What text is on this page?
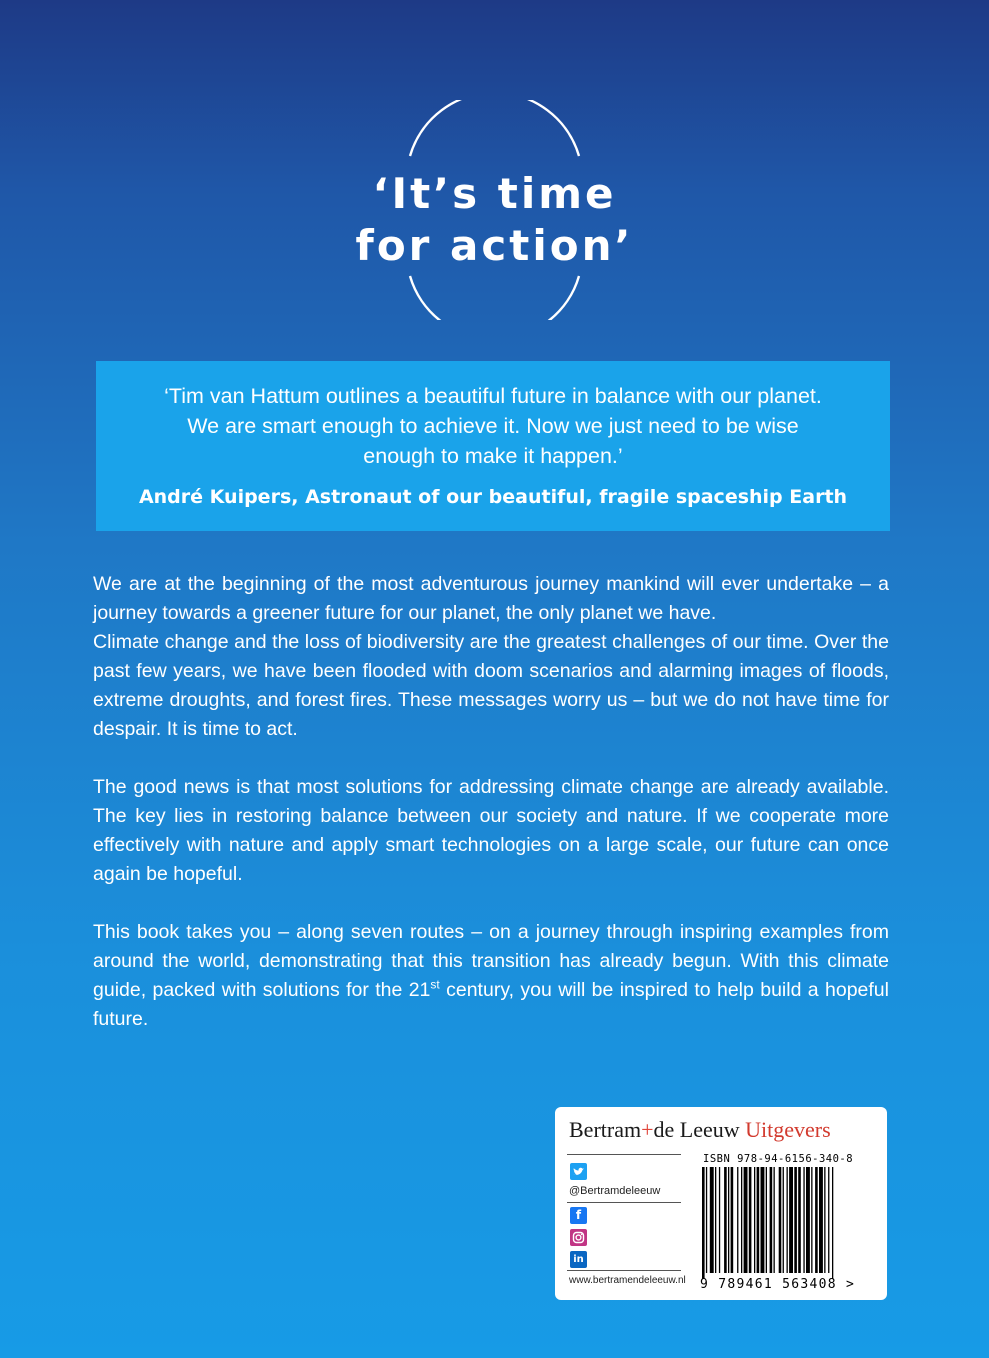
‘It’s time
for action’
‘Tim van Hattum outlines a beautiful future in balance with our planet. We are smart enough to achieve it. Now we just need to be wise enough to make it happen.’
André Kuipers, Astronaut of our beautiful, fragile spaceship Earth

We are at the beginning of the most adventurous journey mankind will ever undertake – a journey towards a greener future for our planet, the only planet we have.

Climate change and the loss of biodiversity are the greatest challenges of our time. Over the past few years, we have been flooded with doom scenarios and alarming images of floods, extreme droughts, and forest fires. These messages worry us – but we do not have time for despair. It is time to act.

The good news is that most solutions for addressing climate change are already available. The key lies in restoring balance between our society and nature. If we cooperate more effectively with nature and apply smart technologies on a large scale, our future can once again be hopeful.

This book takes you – along seven routes – on a journey through inspiring examples from around the world, demonstrating that this transition has already begun. With this climate guide, packed with solutions for the 21st century, you will be inspired to help build a hopeful future.

Bertram+de Leeuw Uitgevers
@Bertramdeleeuw
f
in
www.bertramendeleeuw.nl
ISBN 978-94-6156-340-8
9 789461 563408 >
